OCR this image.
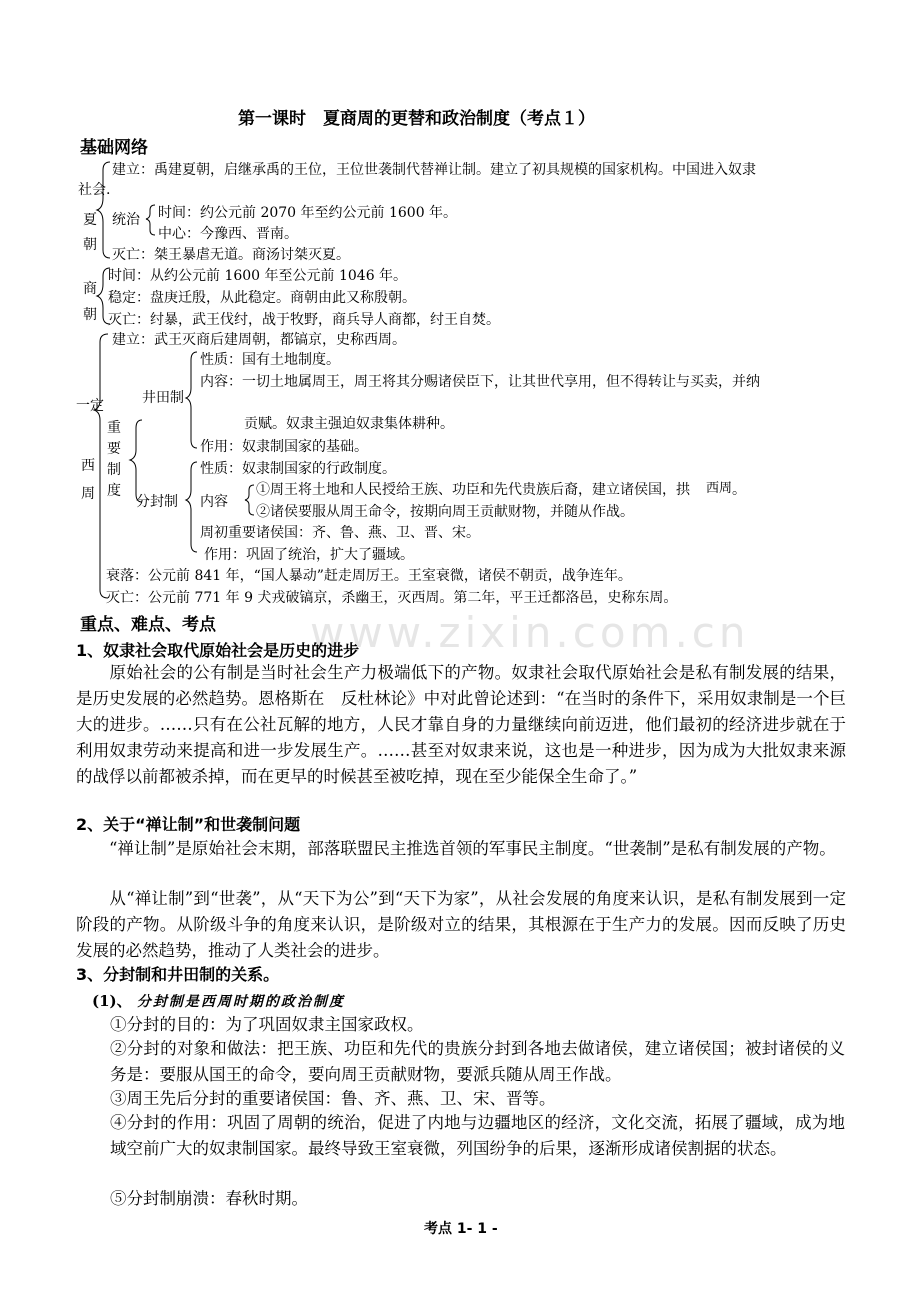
www.zixin.com.cn
第一课时　夏商周的更替和政治制度（考点１）
基础网络
建立：禹建夏朝，启继承禹的王位，王位世袭制代替禅让制。建立了初具规模的国家机构。中国进入奴隶
社会.
夏朝
统治 时间：约公元前 2070 年至约公元前 1600 年。
中心：今豫西、晋南。
灭亡：桀王暴虐无道。商汤讨桀灭夏。
商朝
时间：从约公元前 1600 年至公元前 1046 年。
稳定：盘庚迁殷，从此稳定。商朝由此又称殷朝。
灭亡：纣暴，武王伐纣，战于牧野，商兵导人商都，纣王自焚。
建立：武王灭商后建周朝，都镐京，史称西周。
一定
西周
重要制度
井田制
性质：国有土地制度。
内容：一切土地属周王，周王将其分赐诸侯臣下，让其世代享用，但不得转让与买卖，并纳
贡赋。奴隶主强迫奴隶集体耕种。
作用：奴隶制国家的基础。
分封制
性质：奴隶制国家的行政制度。
内容
①周王将土地和人民授给王族、功臣和先代贵族后裔，建立诸侯国，拱 西周。
②诸侯要服从周王命令，按期向周王贡献财物，并随从作战。
周初重要诸侯国：齐、鲁、燕、卫、晋、宋。
作用：巩固了统治，扩大了疆域。
衰落：公元前 841 年，“国人暴动”赶走周厉王。王室衰微，诸侯不朝贡，战争连年。
灭亡：公元前 771 年 9 犬戎破镐京，杀幽王，灭西周。第二年，平王迁都洛邑，史称东周。
重点、难点、考点
1、奴隶社会取代原始社会是历史的进步
　　原始社会的公有制是当时社会生产力极端低下的产物。奴隶社会取代原始社会是私有制发展的结果，是历史发展的必然趋势。恩格斯在　反杜林论》中对此曾论述到：“在当时的条件下，采用奴隶制是一个巨大的进步。……只有在公社瓦解的地方，人民才靠自身的力量继续向前迈进，他们最初的经济进步就在于利用奴隶劳动来提高和进一步发展生产。……甚至对奴隶来说，这也是一种进步，因为成为大批奴隶来源的战俘以前都被杀掉，而在更早的时候甚至被吃掉，现在至少能保全生命了。”
2、关于“禅让制”和世袭制问题
　　“禅让制”是原始社会末期，部落联盟民主推选首领的军事民主制度。“世袭制”是私有制发展的产物。
　　从“禅让制”到“世袭”，从“天下为公”到“天下为家”，从社会发展的角度来认识，是私有制发展到一定阶段的产物。从阶级斗争的角度来认识，是阶级对立的结果，其根源在于生产力的发展。因而反映了历史发展的必然趋势，推动了人类社会的进步。
3、分封制和井田制的关系。
(1)、 分封制是西周时期的政治制度
①分封的目的：为了巩固奴隶主国家政权。
②分封的对象和做法：把王族、功臣和先代的贵族分封到各地去做诸侯，建立诸侯国；被封诸侯的义务是：要服从国王的命令，要向周王贡献财物，要派兵随从周王作战。
③周王先后分封的重要诸侯国：鲁、齐、燕、卫、宋、晋等。
④分封的作用：巩固了周朝的统治，促进了内地与边疆地区的经济，文化交流，拓展了疆域，成为地域空前广大的奴隶制国家。最终导致王室衰微，列国纷争的后果，逐渐形成诸侯割据的状态。
⑤分封制崩溃：春秋时期。
考点 1- 1 -
